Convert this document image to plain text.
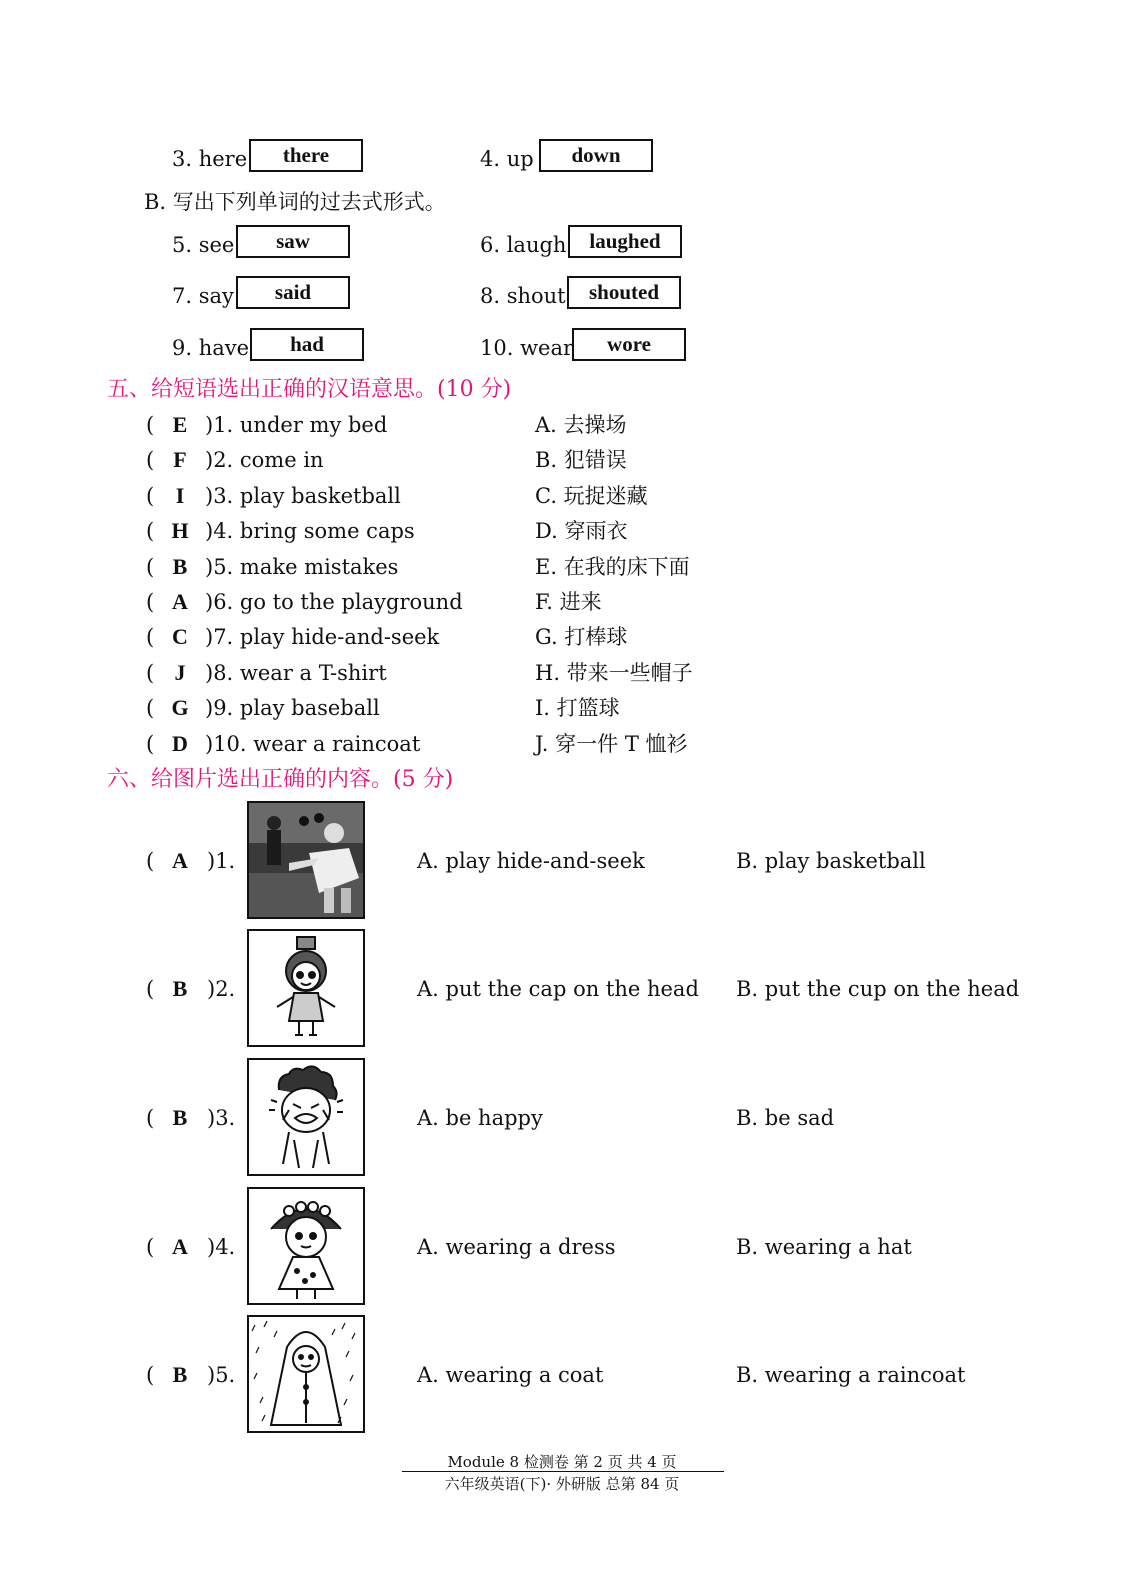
3. here	there	4. up	down
B. 写出下列单词的过去式形式。
5. see	saw	6. laugh	laughed
7. say	said	8. shout	shouted
9. have	had	10. wear	wore
五、给短语选出正确的汉语意思。(10 分)
( E )1. under my bed	A. 去操场
( F )2. come in	B. 犯错误
( I )3. play basketball	C. 玩捉迷藏
( H )4. bring some caps	D. 穿雨衣
( B )5. make mistakes	E. 在我的床下面
( A )6. go to the playground	F. 进来
( C )7. play hide-and-seek	G. 打棒球
( J )8. wear a T-shirt	H. 带来一些帽子
( G )9. play baseball	I. 打篮球
( D )10. wear a raincoat	J. 穿一件 T 恤衫
六、给图片选出正确的内容。(5 分)
( A )1.	A. play hide-and-seek	B. play basketball
( B )2.	A. put the cap on the head B. put the cup on the head
( B )3.	A. be happy	B. be sad
( A )4.	A. wearing a dress	B. wearing a hat
( B )5.	A. wearing a coat	B. wearing a raincoat
Module 8 检测卷 第 2 页 共 4 页
六年级英语(下)· 外研版 总第 84 页
